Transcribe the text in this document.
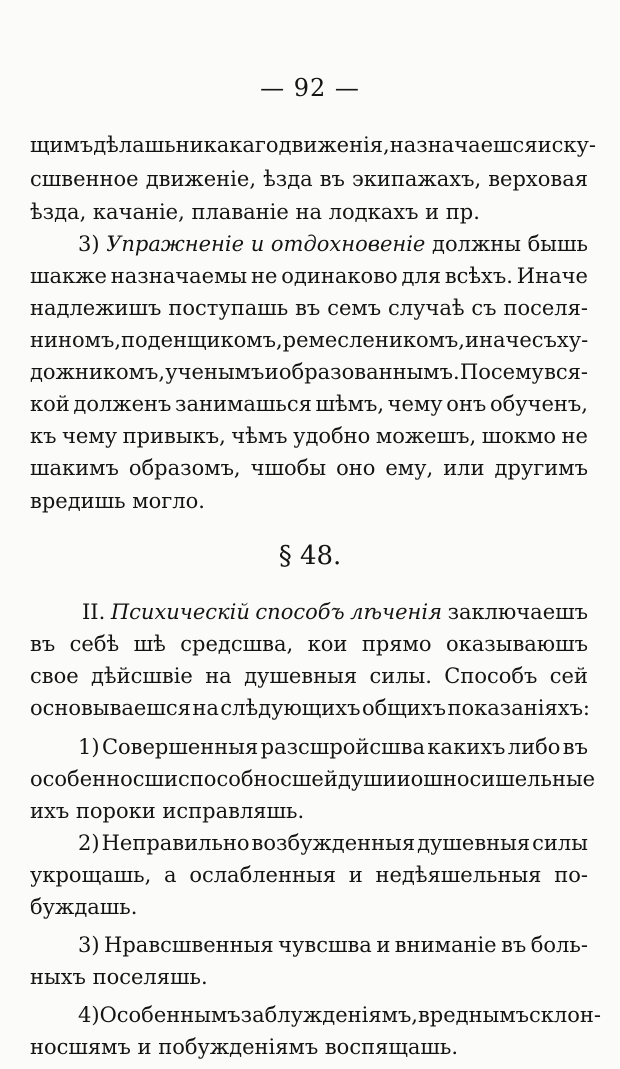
— 92 —
§ 48.
щимъ дѣлашь никакаго движенія, назначаешся иску-
сшвенное движеніе, ѣзда въ экипажахъ, верховая
ѣзда, качаніе, плаваніе на лодкахъ и пр.
3) Упражненіе и отдохновеніе должны бышь
шакже назначаемы не одинаково для всѣхъ. Иначе
надлежишъ поступашь въ семъ случаѣ съ поселя-
ниномъ, поденщикомъ, ремесленикомъ, иначе съ ху-
дожникомъ, ученымъ и образованнымъ. Посему вся-
кой долженъ занимашься шѣмъ, чему онъ обученъ,
къ чему привыкъ, чѣмъ удобно можешъ, шокмо не
шакимъ образомъ, чшобы оно ему, или другимъ
вредишь могло.
II. Психическій способъ лѣченія заключаешъ
въ себѣ шѣ средсшва, кои прямо оказываюшъ
свое дѣйсшвіе на душевныя силы. Способъ сей
основываешся на слѣдующихъ общихъ показаніяхъ:
1) Совершенныя разсшройсшва какихъ либо въ
особенносши способносшей души и ошносишельные
ихъ пороки исправляшь.
2) Неправильно возбужденныя душевныя силы
укрощашь, а ослабленныя и недѣяшельныя по-
буждашь.
3) Нравсшвенныя чувсшва и вниманіе въ боль-
ныхъ поселяшь.
4) Особеннымъ заблужденіямъ, вреднымъ склон-
носшямъ и побужденіямъ воспящашь.
